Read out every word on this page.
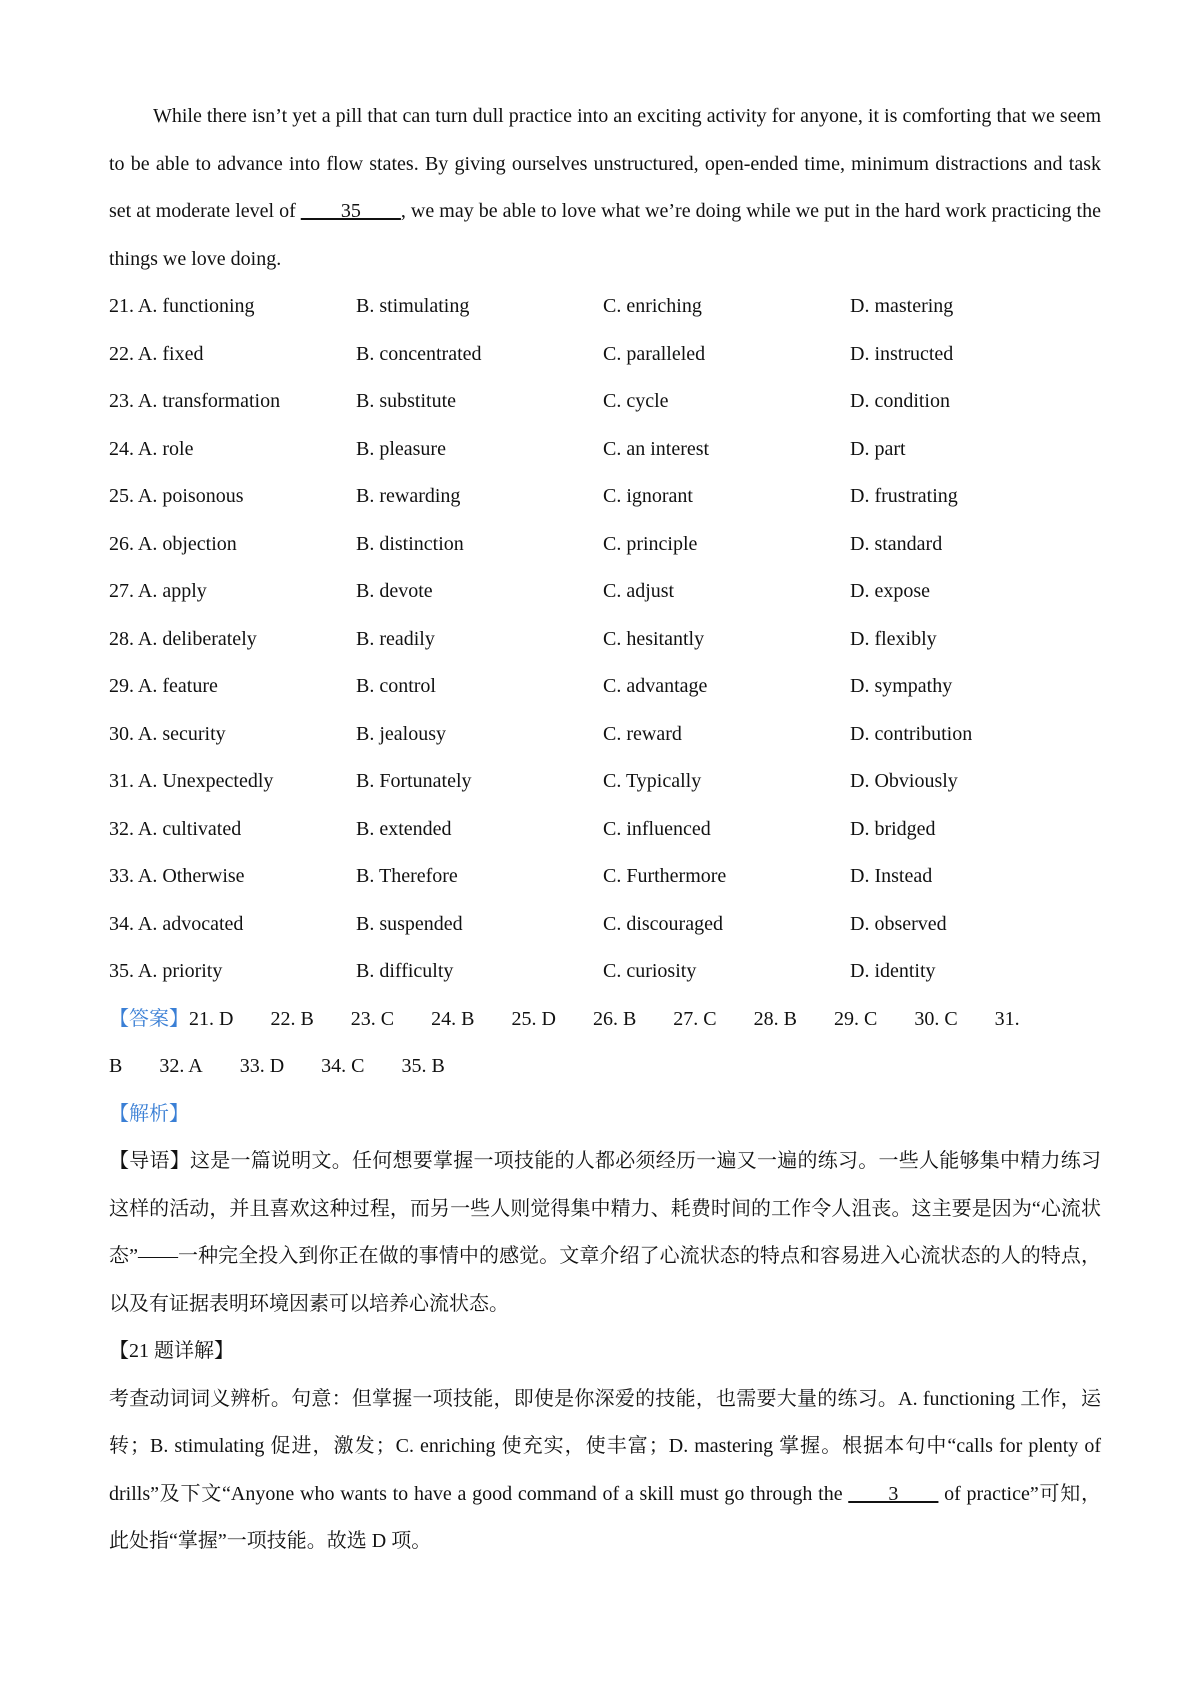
While there isn’t yet a pill that can turn dull practice into an exciting activity for anyone, it is comforting that we seem to be able to advance into flow states. By giving ourselves unstructured, open-ended time, minimum distractions and task set at moderate level of ____35____, we may be able to love what we’re doing while we put in the hard work practicing the things we love doing.
21. A. functioning	B. stimulating	C. enriching	D. mastering
22. A. fixed	B. concentrated	C. paralleled	D. instructed
23. A. transformation	B. substitute	C. cycle	D. condition
24. A. role	B. pleasure	C. an interest	D. part
25. A. poisonous	B. rewarding	C. ignorant	D. frustrating
26. A. objection	B. distinction	C. principle	D. standard
27. A. apply	B. devote	C. adjust	D. expose
28. A. deliberately	B. readily	C. hesitantly	D. flexibly
29. A. feature	B. control	C. advantage	D. sympathy
30. A. security	B. jealousy	C. reward	D. contribution
31. A. Unexpectedly	B. Fortunately	C. Typically	D. Obviously
32. A. cultivated	B. extended	C. influenced	D. bridged
33. A. Otherwise	B. Therefore	C. Furthermore	D. Instead
34. A. advocated	B. suspended	C. discouraged	D. observed
35. A. priority	B. difficulty	C. curiosity	D. identity
【答案】21. D 22. B 23. C 24. B 25. D 26. B 27. C 28. B 29. C 30. C 31.
B 32. A 33. D 34. C 35. B
【解析】
【导语】这是一篇说明文。任何想要掌握一项技能的人都必须经历一遍又一遍的练习。一些人能够集中精力练习这样的活动，并且喜欢这种过程，而另一些人则觉得集中精力、耗费时间的工作令人沮丧。这主要是因为“心流状态”——一种完全投入到你正在做的事情中的感觉。文章介绍了心流状态的特点和容易进入心流状态的人的特点，以及有证据表明环境因素可以培养心流状态。
【21 题详解】
考查动词词义辨析。句意：但掌握一项技能，即使是你深爱的技能，也需要大量的练习。A. functioning 工作，运转；B. stimulating 促进，激发；C. enriching 使充实，使丰富；D. mastering 掌握。根据本句中“calls for plenty of drills”及下文“Anyone who wants to have a good command of a skill must go through the ____3____ of practice”可知，此处指“掌握”一项技能。故选 D 项。
